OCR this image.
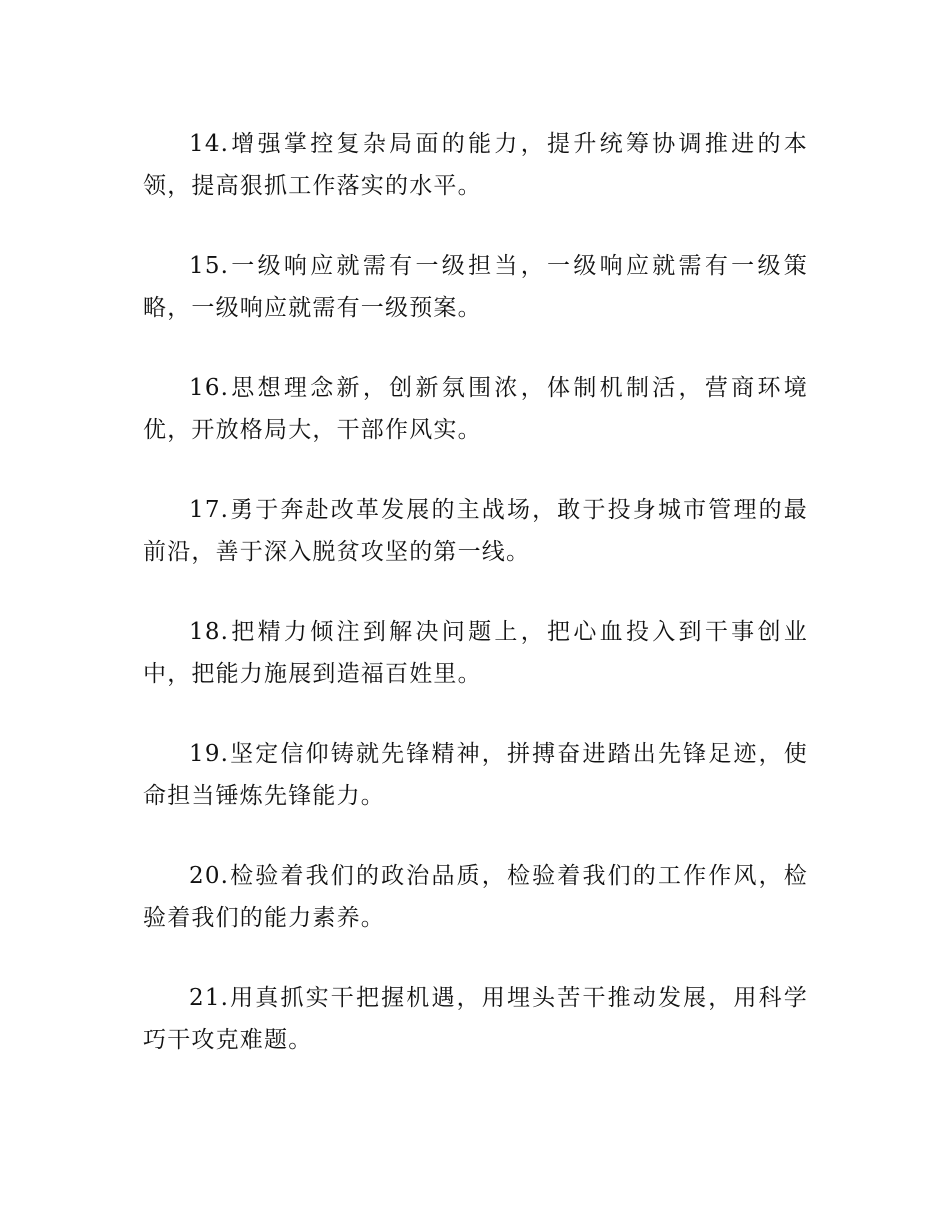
14.增强掌控复杂局面的能力，提升统筹协调推进的本领，提高狠抓工作落实的水平。

15.一级响应就需有一级担当，一级响应就需有一级策略，一级响应就需有一级预案。

16.思想理念新，创新氛围浓，体制机制活，营商环境优，开放格局大，干部作风实。

17.勇于奔赴改革发展的主战场，敢于投身城市管理的最前沿，善于深入脱贫攻坚的第一线。

18.把精力倾注到解决问题上，把心血投入到干事创业中，把能力施展到造福百姓里。

19.坚定信仰铸就先锋精神，拼搏奋进踏出先锋足迹，使命担当锤炼先锋能力。

20.检验着我们的政治品质，检验着我们的工作作风，检验着我们的能力素养。

21.用真抓实干把握机遇，用埋头苦干推动发展，用科学巧干攻克难题。
